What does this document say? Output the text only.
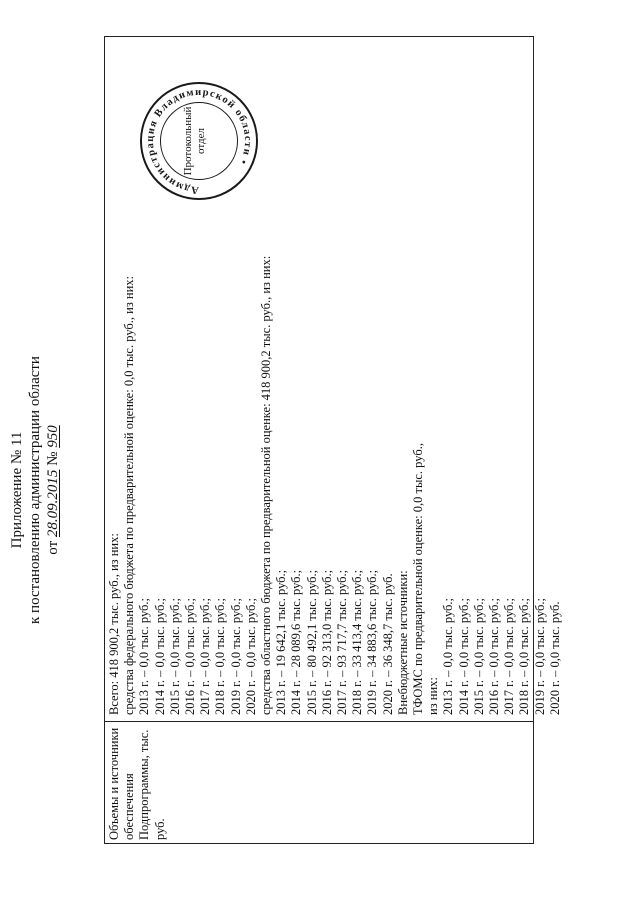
Приложение № 11 к постановлению администрации области от 28.09.2015 № 950
Объемы и источники обеспечения Подпрограммы, тыс. руб.
Всего: 418 900,2 тыс. руб., из них: средства федерального бюджета по предварительной оценке: 0,0 тыс. руб., из них: 2013 г. – 0,0 тыс. руб.; 2014 г. – 0,0 тыс. руб.; 2015 г. – 0,0 тыс. руб.; 2016 г. – 0,0 тыс. руб.; 2017 г. – 0,0 тыс. руб.; 2018 г. – 0,0 тыс. руб.; 2019 г. – 0,0 тыс. руб.; 2020 г. – 0,0 тыс. руб.; средства областного бюджета по предварительной оценке: 418 900,2 тыс. руб., из них: 2013 г. – 19 642,1 тыс. руб.; 2014 г. – 28 089,6 тыс. руб.; 2015 г. – 80 492,1 тыс. руб.; 2016 г. – 92 313,0 тыс. руб.; 2017 г. – 93 717,7 тыс. руб.; 2018 г. – 33 413,4 тыс. руб.; 2019 г. – 34 883,6 тыс. руб.; 2020 г. – 36 348,7 тыс. руб. Внебюджетные источники: ТФОМС по предварительной оценке: 0,0 тыс. руб., из них: 2013 г. – 0,0 тыс. руб.; 2014 г. – 0,0 тыс. руб.; 2015 г. – 0,0 тыс. руб.; 2016 г. – 0,0 тыс. руб.; 2017 г. – 0,0 тыс. руб.; 2018 г. – 0,0 тыс. руб.; 2019 г. – 0,0 тыс. руб.; 2020 г. – 0,0 тыс. руб.
Администрация Владимирской области •
Протокольный отдел
